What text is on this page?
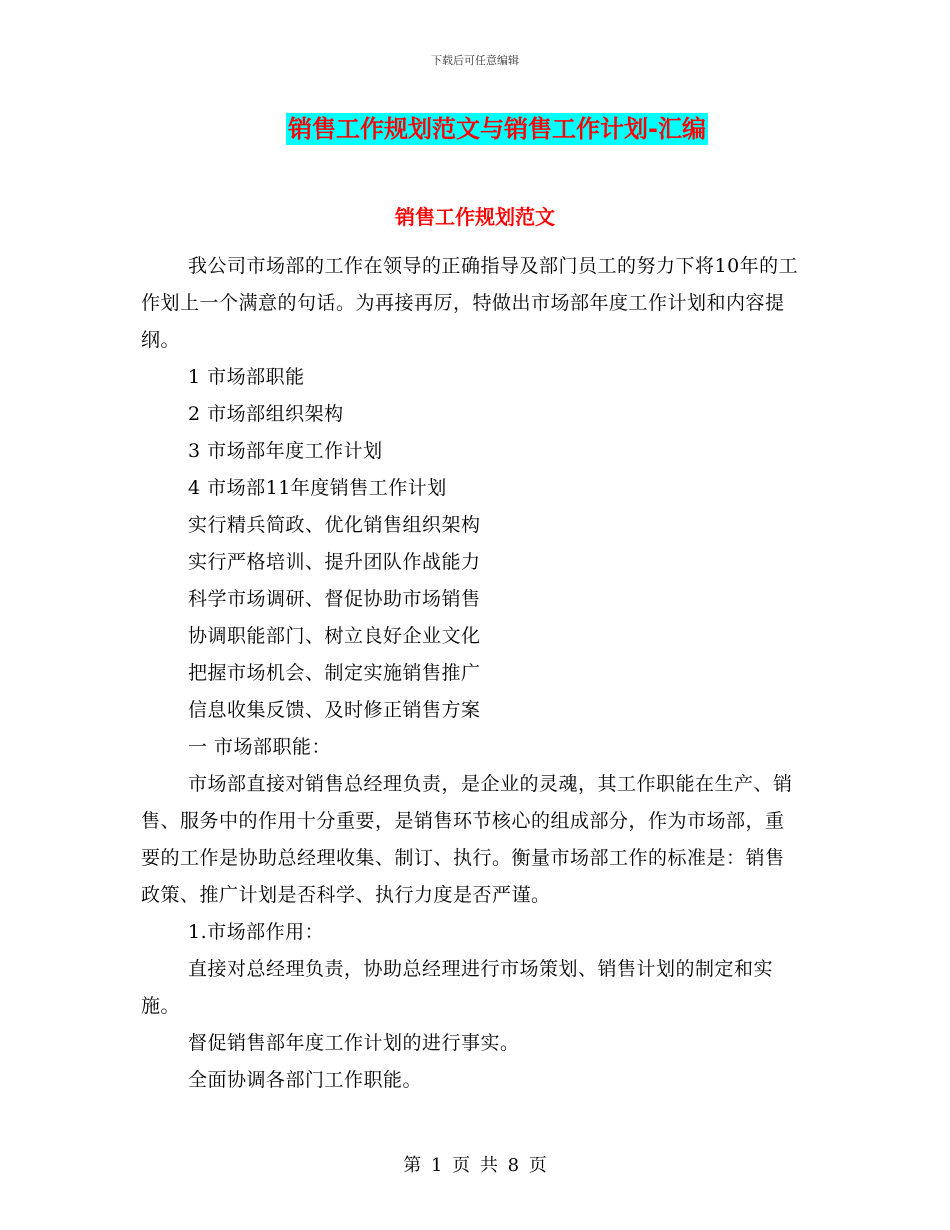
下载后可任意编辑
销售工作规划范文与销售工作计划-汇编
销售工作规划范文

我公司市场部的工作在领导的正确指导及部门员工的努力下将10年的工作划上一个满意的句话。为再接再厉，特做出市场部年度工作计划和内容提纲。

1 市场部职能

2 市场部组织架构

3 市场部年度工作计划

4 市场部11年度销售工作计划

实行精兵简政、优化销售组织架构

实行严格培训、提升团队作战能力

科学市场调研、督促协助市场销售

协调职能部门、树立良好企业文化

把握市场机会、制定实施销售推广

信息收集反馈、及时修正销售方案

一 市场部职能：

市场部直接对销售总经理负责，是企业的灵魂，其工作职能在生产、销售、服务中的作用十分重要，是销售环节核心的组成部分，作为市场部，重要的工作是协助总经理收集、制订、执行。衡量市场部工作的标准是：销售政策、推广计划是否科学、执行力度是否严谨。

1.市场部作用：

直接对总经理负责，协助总经理进行市场策划、销售计划的制定和实施。

督促销售部年度工作计划的进行事实。

全面协调各部门工作职能。

第 1 页 共 8 页
